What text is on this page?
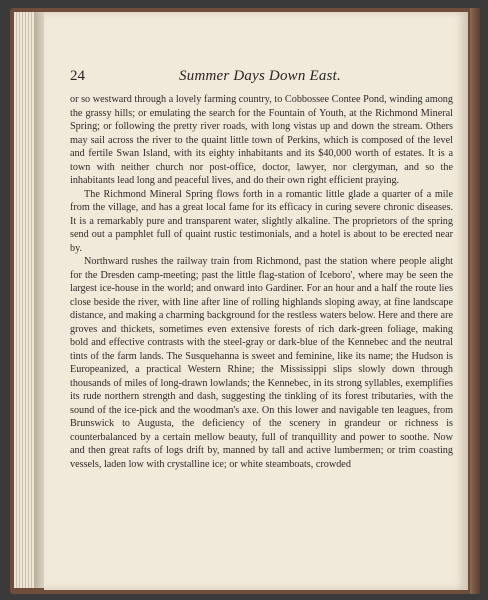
24	Summer Days Down East.

or so westward through a lovely farming country, to Cobbossee Contee Pond, winding among the grassy hills; or emulating the search for the Fountain of Youth, at the Richmond Mineral Spring; or following the pretty river roads, with long vistas up and down the stream. Others may sail across the river to the quaint little town of Perkins, which is composed of the level and fertile Swan Island, with its eighty inhabitants and its $40,000 worth of estates. It is a town with neither church nor post-office, doctor, lawyer, nor clergyman, and so the inhabitants lead long and peaceful lives, and do their own right efficient praying.

The Richmond Mineral Spring flows forth in a romantic little glade a quarter of a mile from the village, and has a great local fame for its efficacy in curing severe chronic diseases. It is a remarkably pure and transparent water, slightly alkaline. The proprietors of the spring send out a pamphlet full of quaint rustic testimonials, and a hotel is about to be erected near by.

Northward rushes the railway train from Richmond, past the station where people alight for the Dresden camp-meeting; past the little flag-station of Iceboro', where may be seen the largest ice-house in the world; and onward into Gardiner. For an hour and a half the route lies close beside the river, with line after line of rolling highlands sloping away, at fine landscape distance, and making a charming background for the restless waters below. Here and there are groves and thickets, sometimes even extensive forests of rich dark-green foliage, making bold and effective contrasts with the steel-gray or dark-blue of the Kennebec and the neutral tints of the farm lands. The Susquehanna is sweet and feminine, like its name; the Hudson is Europeanized, a practical Western Rhine; the Mississippi slips slowly down through thousands of miles of long-drawn lowlands; the Kennebec, in its strong syllables, exemplifies its rude northern strength and dash, suggesting the tinkling of its forest tributaries, with the sound of the ice-pick and the woodman's axe. On this lower and navigable ten leagues, from Brunswick to Augusta, the deficiency of the scenery in grandeur or richness is counterbalanced by a certain mellow beauty, full of tranquillity and power to soothe. Now and then great rafts of logs drift by, manned by tall and active lumbermen; or trim coasting vessels, laden low with crystalline ice; or white steamboats, crowded
